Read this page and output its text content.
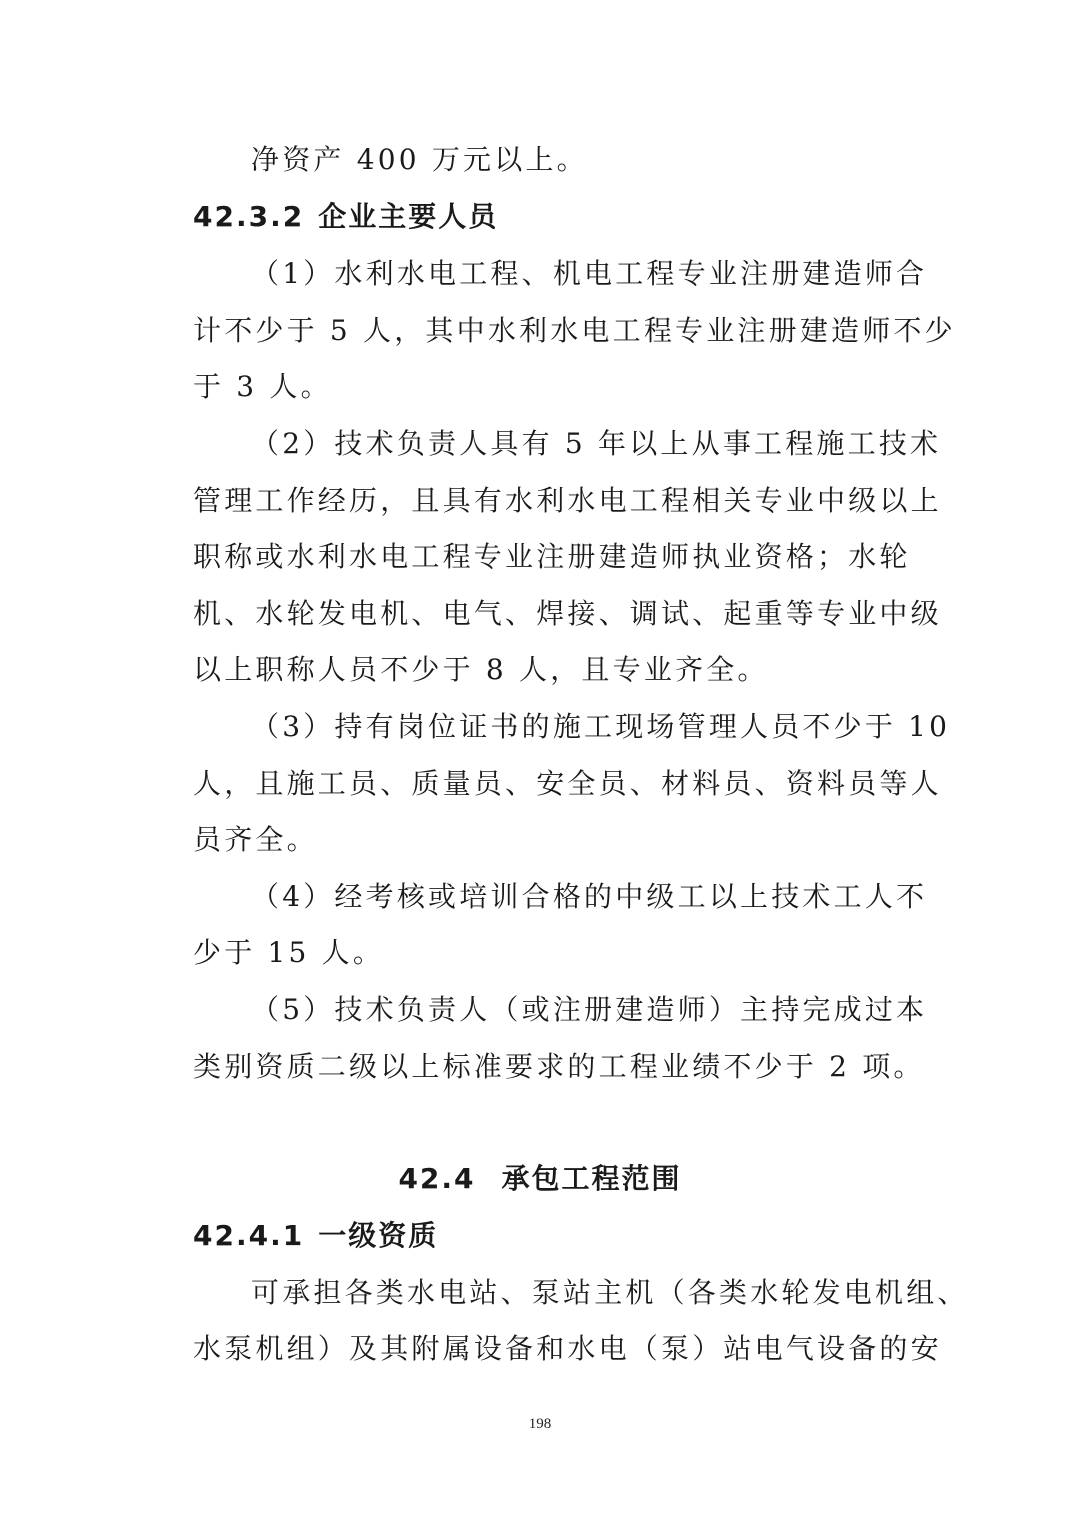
净资产 400 万元以上。
42.3.2 企业主要人员
（1）水利水电工程、机电工程专业注册建造师合
计不少于 5 人，其中水利水电工程专业注册建造师不少
于 3 人。
（2）技术负责人具有 5 年以上从事工程施工技术
管理工作经历，且具有水利水电工程相关专业中级以上
职称或水利水电工程专业注册建造师执业资格；水轮
机、水轮发电机、电气、焊接、调试、起重等专业中级
以上职称人员不少于 8 人，且专业齐全。
（3）持有岗位证书的施工现场管理人员不少于 10
人，且施工员、质量员、安全员、材料员、资料员等人
员齐全。
（4）经考核或培训合格的中级工以上技术工人不
少于 15 人。
（5）技术负责人（或注册建造师）主持完成过本
类别资质二级以上标准要求的工程业绩不少于 2 项。
42.4 承包工程范围
42.4.1 一级资质
可承担各类水电站、泵站主机（各类水轮发电机组、
水泵机组）及其附属设备和水电（泵）站电气设备的安
198
